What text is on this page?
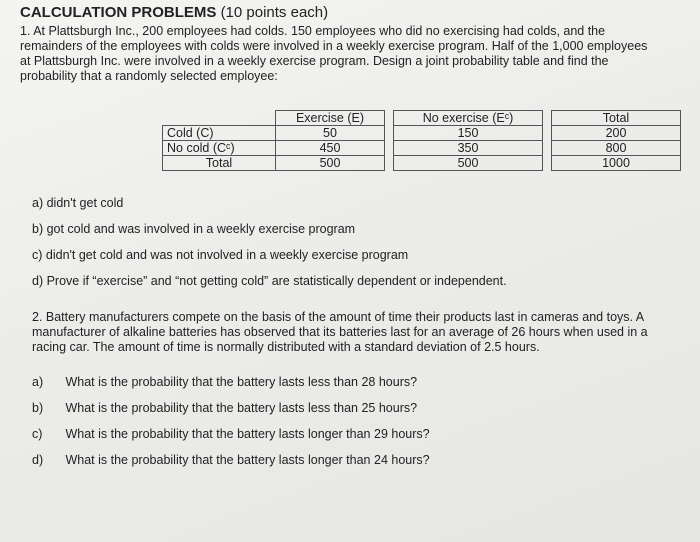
CALCULATION PROBLEMS (10 points each)

1. At Plattsburgh Inc., 200 employees had colds. 150 employees who did no exercising had colds, and the

remainders of the employees with colds were involved in a weekly exercise program. Half of the 1,000 employees

at Plattsburgh Inc. were involved in a weekly exercise program. Design a joint probability table and find the

probability that a randomly selected employee:

	Exercise (E)		No exercise (Eᶜ)		Total
Cold (C)	50		150		200
No cold (Cᶜ)	450		350		800
Total	500		500		1000
a) didn't get cold
b) got cold and was involved in a weekly exercise program
c) didn't get cold and was not involved in a weekly exercise program
d) Prove if “exercise” and “not getting cold” are statistically dependent or independent.

2. Battery manufacturers compete on the basis of the amount of time their products last in cameras and toys. A

manufacturer of alkaline batteries has observed that its batteries last for an average of 26 hours when used in a

racing car. The amount of time is normally distributed with a standard deviation of 2.5 hours.

a) What is the probability that the battery lasts less than 28 hours?
b) What is the probability that the battery lasts less than 25 hours?
c) What is the probability that the battery lasts longer than 29 hours?
d) What is the probability that the battery lasts longer than 24 hours?
